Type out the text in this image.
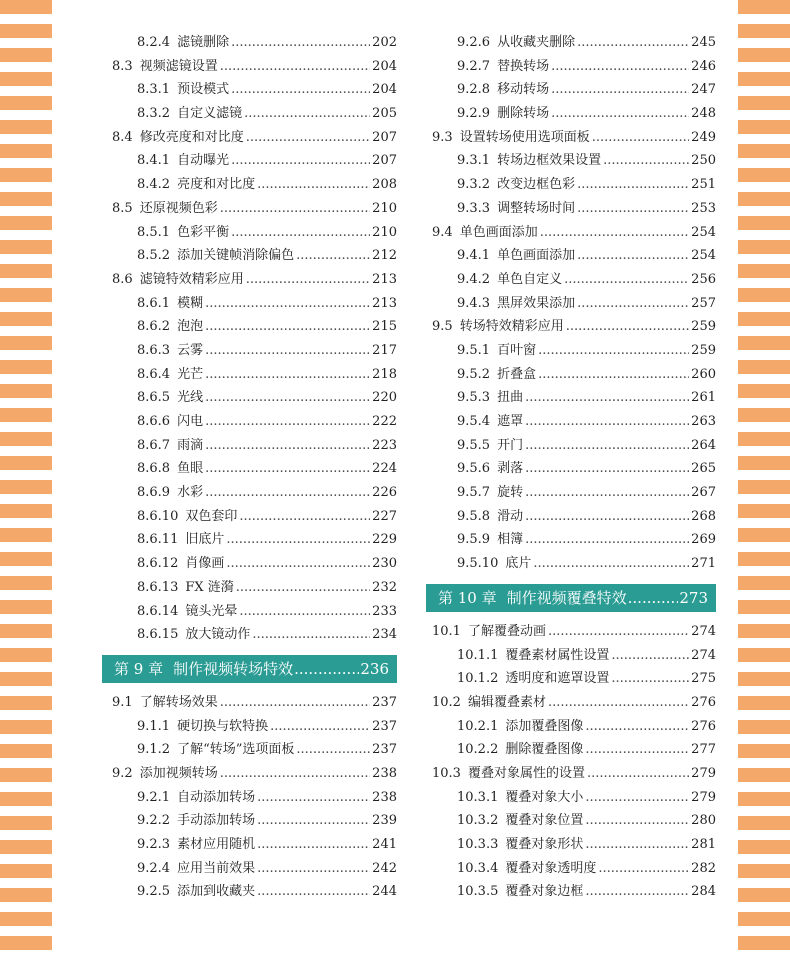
8.2.4 滤镜删除 .....	202
8.3 视频滤镜设置 .....	204
8.3.1 预设模式 .....	204
8.3.2 自定义滤镜 .....	205
8.4 修改亮度和对比度 .....	207
8.4.1 自动曝光 .....	207
8.4.2 亮度和对比度 .....	208
8.5 还原视频色彩 .....	210
8.5.1 色彩平衡 .....	210
8.5.2 添加关键帧消除偏色 .....	212
8.6 滤镜特效精彩应用 .....	213
8.6.1 模糊 .....	213
8.6.2 泡泡 .....	215
8.6.3 云雾 .....	217
8.6.4 光芒 .....	218
8.6.5 光线 .....	220
8.6.6 闪电 .....	222
8.6.7 雨滴 .....	223
8.6.8 鱼眼 .....	224
8.6.9 水彩 .....	226
8.6.10 双色套印 .....	227
8.6.11 旧底片 .....	229
8.6.12 肖像画 .....	230
8.6.13 FX 涟漪 .....	232
8.6.14 镜头光晕 .....	233
8.6.15 放大镜动作 .....	234
第 9 章 制作视频转场特效 .....	236
9.1 了解转场效果 .....	237
9.1.1 硬切换与软特换 .....	237
9.1.2 了解“转场”选项面板 .....	237
9.2 添加视频转场 .....	238
9.2.1 自动添加转场 .....	238
9.2.2 手动添加转场 .....	239
9.2.3 素材应用随机 .....	241
9.2.4 应用当前效果 .....	242
9.2.5 添加到收藏夹 .....	244
9.2.6 从收藏夹删除 .....	245
9.2.7 替换转场 .....	246
9.2.8 移动转场 .....	247
9.2.9 删除转场 .....	248
9.3 设置转场使用选项面板 .....	249
9.3.1 转场边框效果设置 .....	250
9.3.2 改变边框色彩 .....	251
9.3.3 调整转场时间 .....	253
9.4 单色画面添加 .....	254
9.4.1 单色画面添加 .....	254
9.4.2 单色自定义 .....	256
9.4.3 黑屏效果添加 .....	257
9.5 转场特效精彩应用 .....	259
9.5.1 百叶窗 .....	259
9.5.2 折叠盒 .....	260
9.5.3 扭曲 .....	261
9.5.4 遮罩 .....	263
9.5.5 开门 .....	264
9.5.6 剥落 .....	265
9.5.7 旋转 .....	267
9.5.8 滑动 .....	268
9.5.9 相簿 .....	269
9.5.10 底片 .....	271
第 10 章 制作视频覆叠特效 .....	273
10.1 了解覆叠动画 .....	274
10.1.1 覆叠素材属性设置 .....	274
10.1.2 透明度和遮罩设置 .....	275
10.2 编辑覆叠素材 .....	276
10.2.1 添加覆叠图像 .....	276
10.2.2 删除覆叠图像 .....	277
10.3 覆叠对象属性的设置 .....	279
10.3.1 覆叠对象大小 .....	279
10.3.2 覆叠对象位置 .....	280
10.3.3 覆叠对象形状 .....	281
10.3.4 覆叠对象透明度 .....	282
10.3.5 覆叠对象边框 .....	284
